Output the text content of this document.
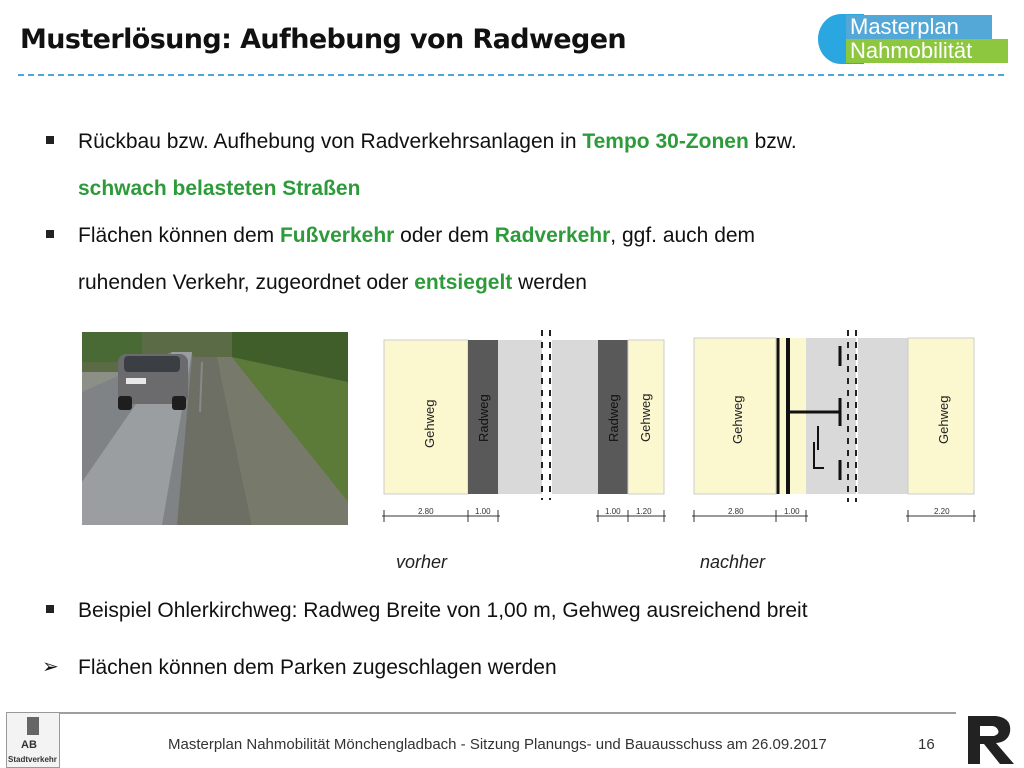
Musterlösung: Aufhebung von Radwegen	Masterplan
Nahmobilität
Rückbau bzw. Aufhebung von Radverkehrsanlagen in Tempo 30-Zonen bzw.
schwach belasteten Straßen
Flächen können dem Fußverkehr oder dem Radverkehr, ggf. auch dem
ruhenden Verkehr, zugeordnet oder entsiegelt werden
Gehweg	Radweg	Radweg Gehweg
2.80	1.00	1.00 1.20
Gehweg	Gehweg
2.80	1.00	2.20
vorher	nachher
Beispiel Ohlerkirchweg: Radweg Breite von 1,00 m, Gehweg ausreichend breit
➢ Flächen können dem Parken zugeschlagen werden
AB
Stadtverkehr
Masterplan Nahmobilität Mönchengladbach - Sitzung Planungs- und Bauausschuss am 26.09.2017	16
